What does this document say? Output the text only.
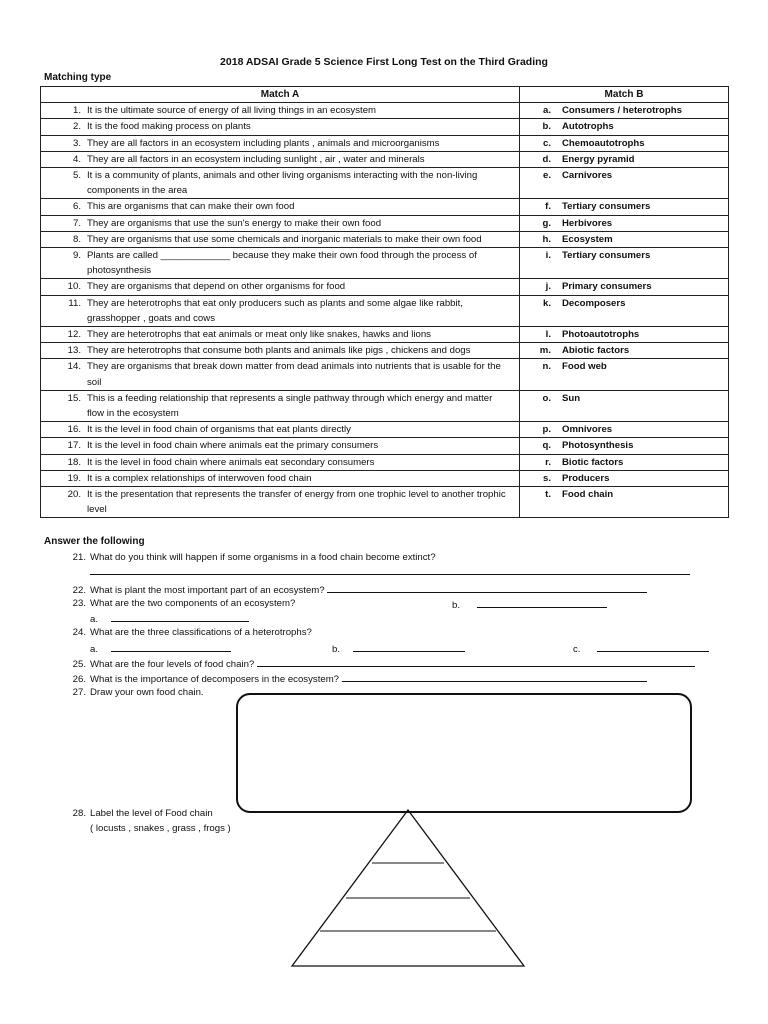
2018 ADSAI Grade 5 Science First Long Test on the Third Grading
Matching type
Match A	Match B
1. It is the ultimate source of energy of all living things in an ecosystem	a. Consumers / heterotrophs
2. It is the food making process on plants	b. Autotrophs
3. They are all factors in an ecosystem including plants , animals and microorganisms	c. Chemoautotrophs
4. They are all factors in an ecosystem including sunlight , air , water and minerals	d. Energy pyramid
5. It is a community of plants, animals and other living organisms interacting with the non-living components in the area	e. Carnivores
6. This are organisms that can make their own food	f. Tertiary consumers
7. They are organisms that use the sun's energy to make their own food	g. Herbivores
8. They are organisms that use some chemicals and inorganic materials to make their own food	h. Ecosystem
9. Plants are called _____________ because they make their own food through the process of photosynthesis	i. Tertiary consumers
10. They are organisms that depend on other organisms for food	j. Primary consumers
11. They are heterotrophs that eat only producers such as plants and some algae like rabbit, grasshopper , goats and cows	k. Decomposers
12. They are heterotrophs that eat animals or meat only like snakes, hawks and lions	l. Photoautotrophs
13. They are heterotrophs that consume both plants and animals like pigs , chickens and dogs	m. Abiotic factors
14. They are organisms that break down matter from dead animals into nutrients that is usable for the soil	n. Food web
15. This is a feeding relationship that represents a single pathway through which energy and matter flow in the ecosystem	o. Sun
16. It is the level in food chain of organisms that eat plants directly	p. Omnivores
17. It is the level in food chain where animals eat the primary consumers	q. Photosynthesis
18. It is the level in food chain where animals eat secondary consumers	r. Biotic factors
19. It is a complex relationships of interwoven food chain	s. Producers
20. It is the presentation that represents the transfer of energy from one trophic level to another trophic level	t. Food chain
Answer the following
21. What do you think will happen if some organisms in a food chain become extinct?
22. What is plant the most important part of an ecosystem?
23. What are the two components of an ecosystem?	b.
a.
24. What are the three classifications of a heterotrophs?
a.	b.	c.
25. What are the four levels of food chain?
26. What is the importance of decomposers in the ecosystem?
27. Draw your own food chain.
28. Label the level of Food chain
( locusts , snakes , grass , frogs )
